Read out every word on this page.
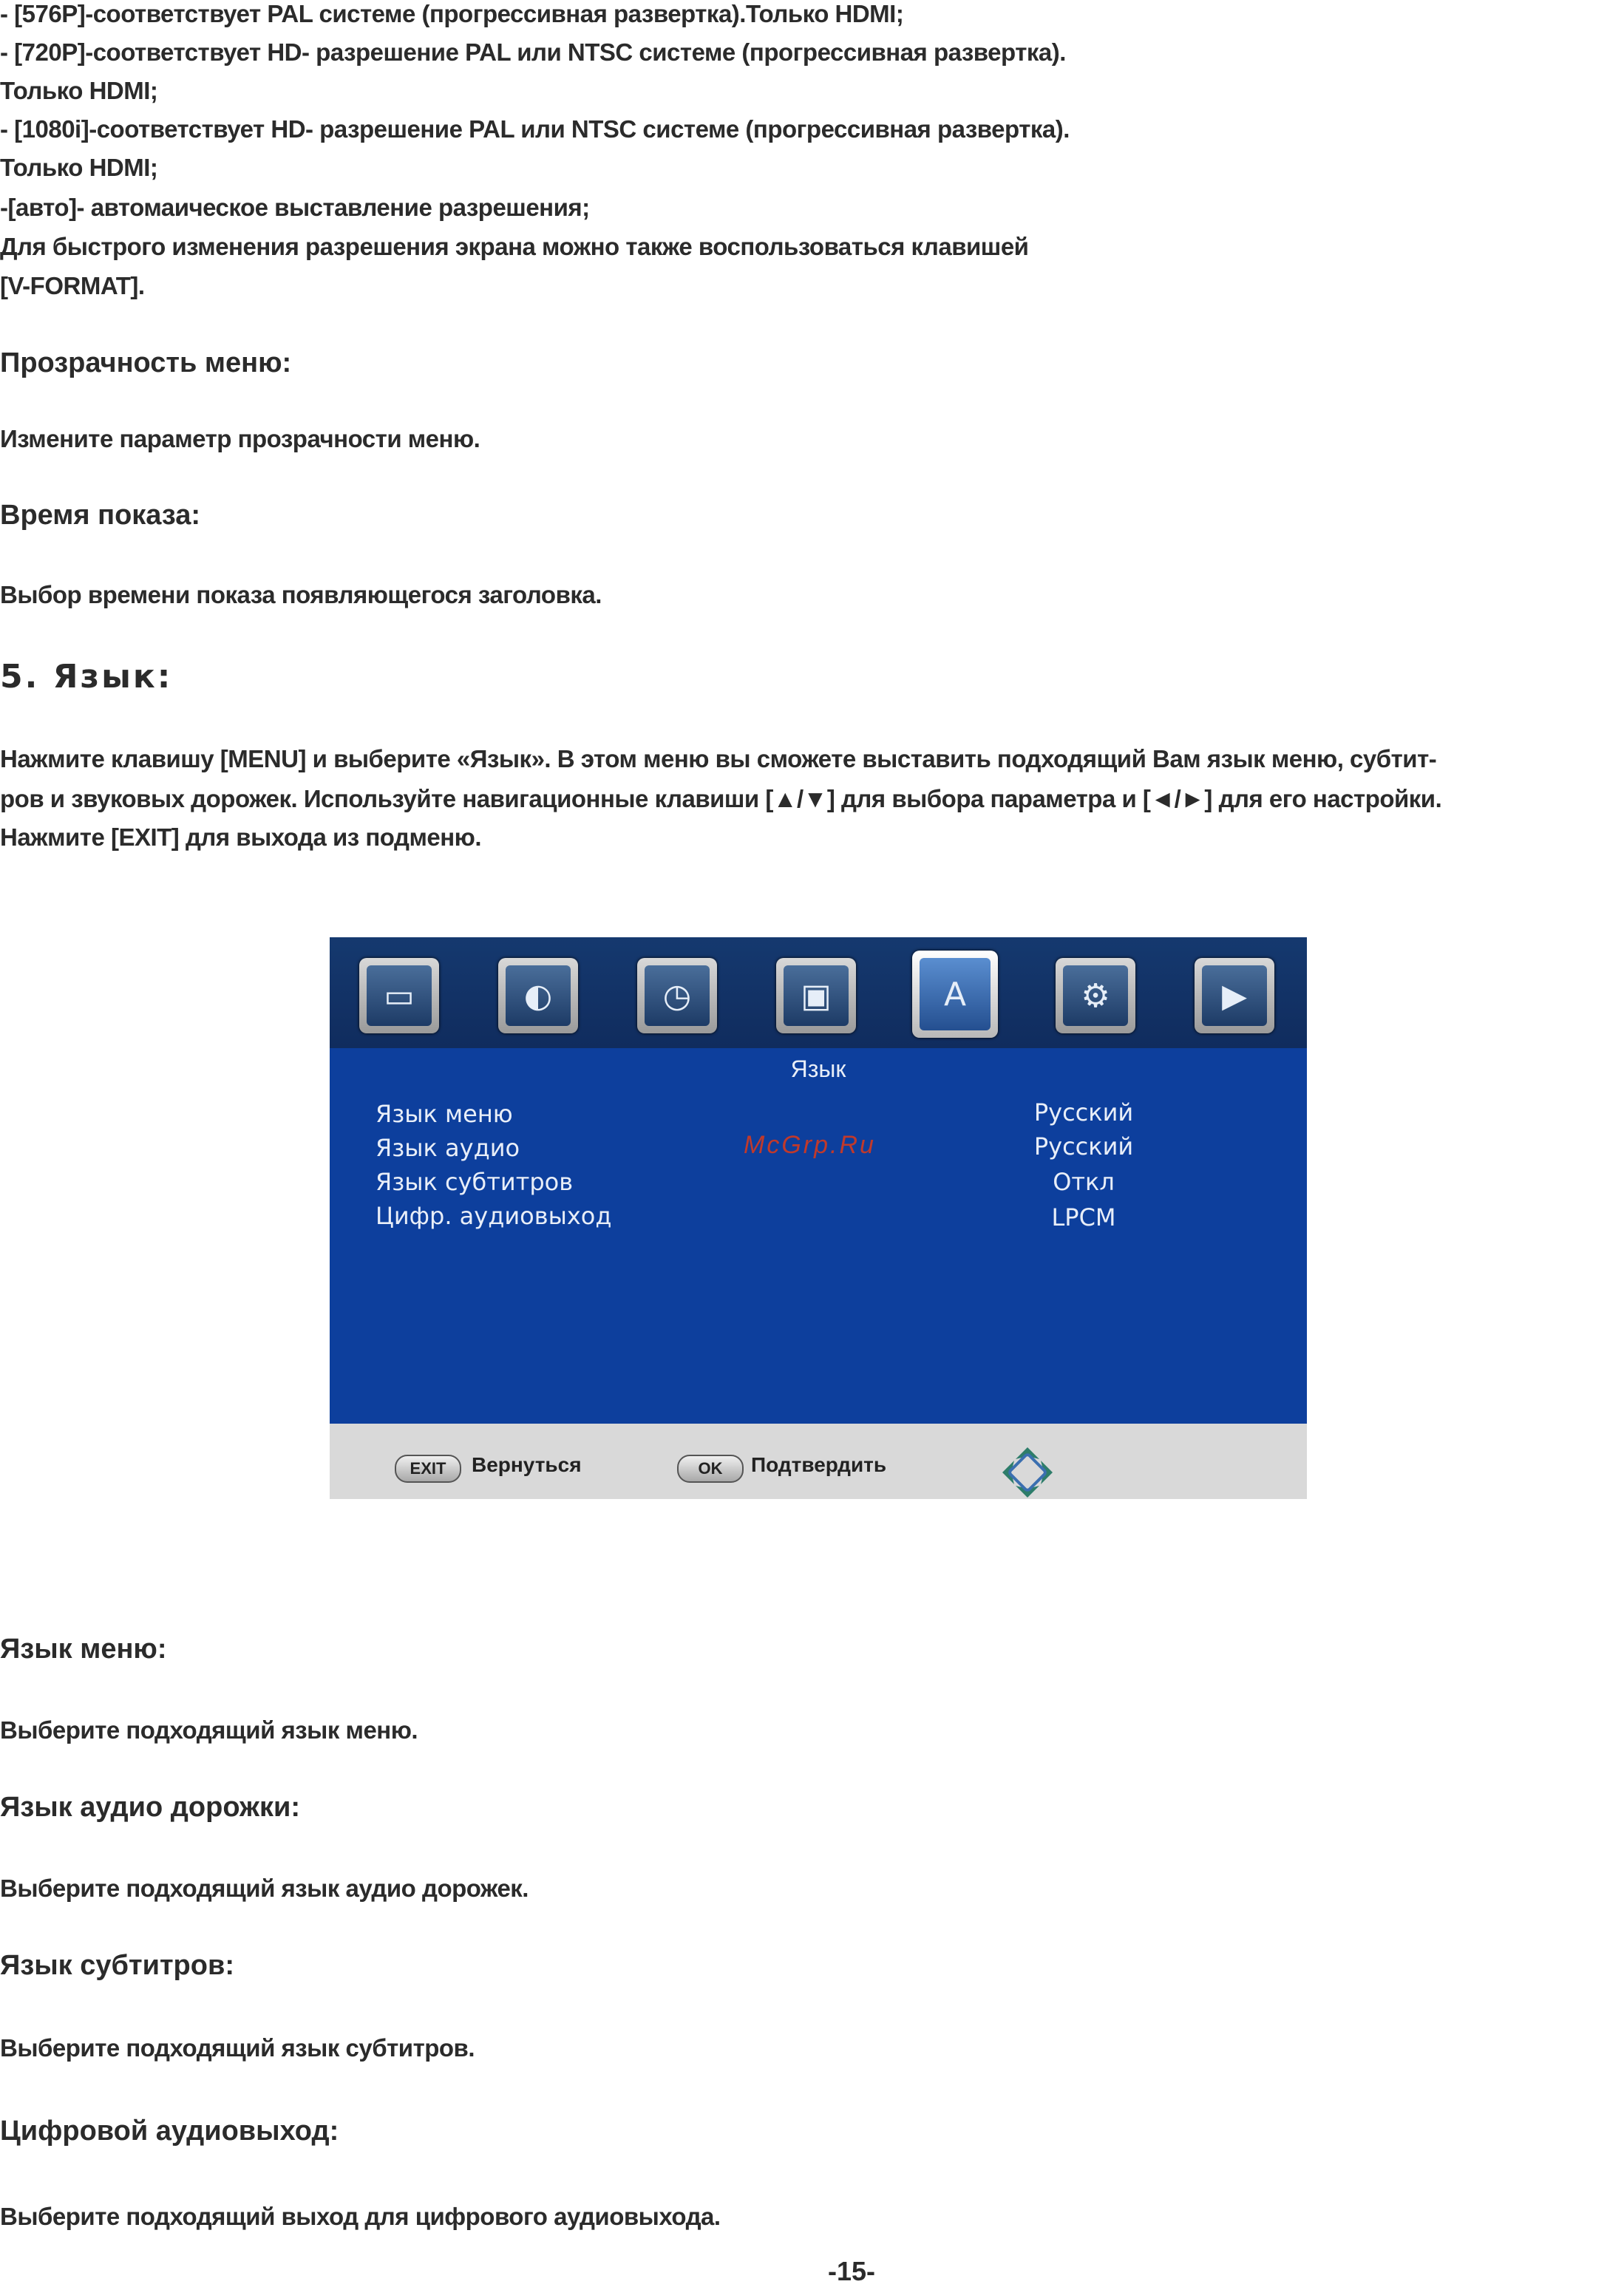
- [576P]-соответствует PAL системе (прогрессивная развертка).Только HDMI;
- [720P]-соответствует HD- разрешение PAL или NTSC системе (прогрессивная развертка).
Только HDMI;
- [1080i]-соответствует HD- разрешение PAL или NTSC системе (прогрессивная развертка).
Только HDMI;
-[авто]- автомаическое выставление разрешения;
Для быстрого изменения разрешения экрана можно также воспользоваться клавишей
[V-FORMAT].
Прозрачность меню:
Измените параметр прозрачности меню.
Время показа:
Выбор времени показа появляющегося заголовка.
5. Язык:
Нажмите клавишу [MENU] и выберите «Язык». В этом меню вы сможете выставить подходящий Вам язык меню, субтит-
ров и звуковых дорожек. Используйте навигационные клавиши [▲/▼] для выбора параметра и [◄/►] для его настройки.
Нажмите [EXIT] для выхода из подменю.
▭	◐	◷	▣	A	⚙	▶
Язык
Язык меню	Русский
Язык аудио	Русский
Язык субтитров	Откл
Цифр. аудиовыход	LPCM
McGrp.Ru
EXIT	Вернуться	OK	Подтвердить
Язык меню:
Выберите подходящий язык меню.
Язык аудио дорожки:
Выберите подходящий язык аудио дорожек.
Язык субтитров:
Выберите подходящий язык субтитров.
Цифровой аудиовыход:
Выберите подходящий выход для цифрового аудиовыхода.
-15-
